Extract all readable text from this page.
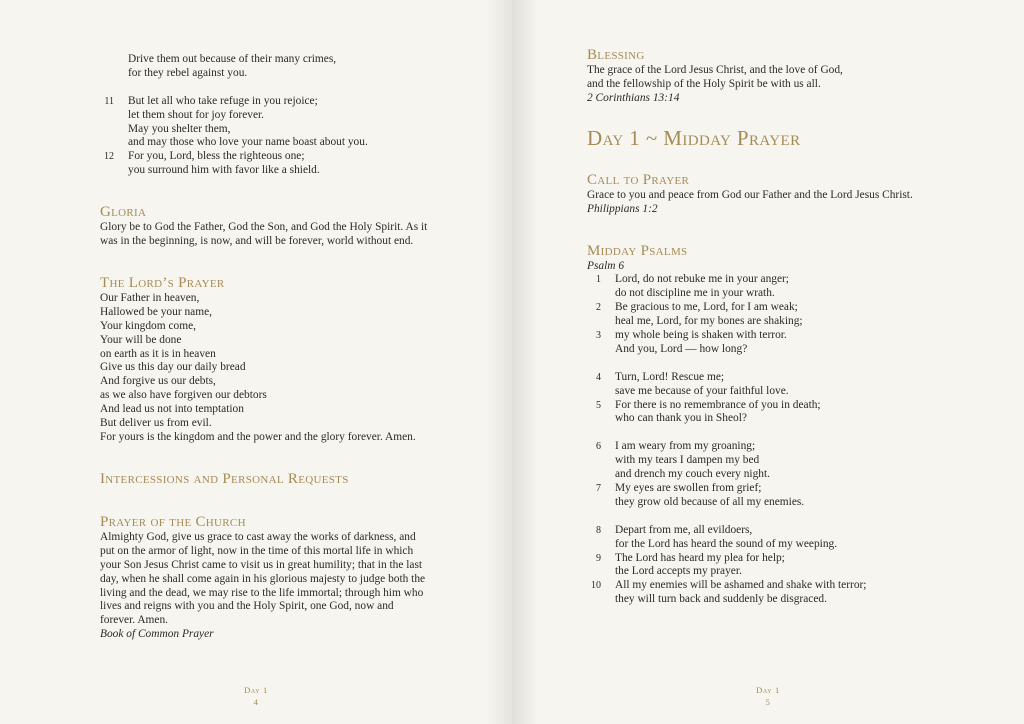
Drive them out because of their many crimes,
for they rebel against you.
11 But let all who take refuge in you rejoice;
let them shout for joy forever.
May you shelter them,
and may those who love your name boast about you.
12 For you, Lord, bless the righteous one;
you surround him with favor like a shield.
Gloria
Glory be to God the Father, God the Son, and God the Holy Spirit. As it
was in the beginning, is now, and will be forever, world without end.
The Lord’s Prayer
Our Father in heaven,
Hallowed be your name,
Your kingdom come,
Your will be done
on earth as it is in heaven
Give us this day our daily bread
And forgive us our debts,
as we also have forgiven our debtors
And lead us not into temptation
But deliver us from evil.
For yours is the kingdom and the power and the glory forever. Amen.
Intercessions and Personal Requests
Prayer of the Church
Almighty God, give us grace to cast away the works of darkness, and
put on the armor of light, now in the time of this mortal life in which
your Son Jesus Christ came to visit us in great humility; that in the last
day, when he shall come again in his glorious majesty to judge both the
living and the dead, we may rise to the life immortal; through him who
lives and reigns with you and the Holy Spirit, one God, now and
forever. Amen.
Book of Common Prayer
Day 1
4
Blessing
The grace of the Lord Jesus Christ, and the love of God,
and the fellowship of the Holy Spirit be with us all.
2 Corinthians 13:14
Day 1 ~ Midday Prayer
Call to Prayer
Grace to you and peace from God our Father and the Lord Jesus Christ.
Philippians 1:2
Midday Psalms
Psalm 6
1 Lord, do not rebuke me in your anger;
do not discipline me in your wrath.
2 Be gracious to me, Lord, for I am weak;
heal me, Lord, for my bones are shaking;
3 my whole being is shaken with terror.
And you, Lord — how long?
4 Turn, Lord! Rescue me;
save me because of your faithful love.
5 For there is no remembrance of you in death;
who can thank you in Sheol?
6 I am weary from my groaning;
with my tears I dampen my bed
and drench my couch every night.
7 My eyes are swollen from grief;
they grow old because of all my enemies.
8 Depart from me, all evildoers,
for the Lord has heard the sound of my weeping.
9 The Lord has heard my plea for help;
the Lord accepts my prayer.
10 All my enemies will be ashamed and shake with terror;
they will turn back and suddenly be disgraced.
Day 1
5
